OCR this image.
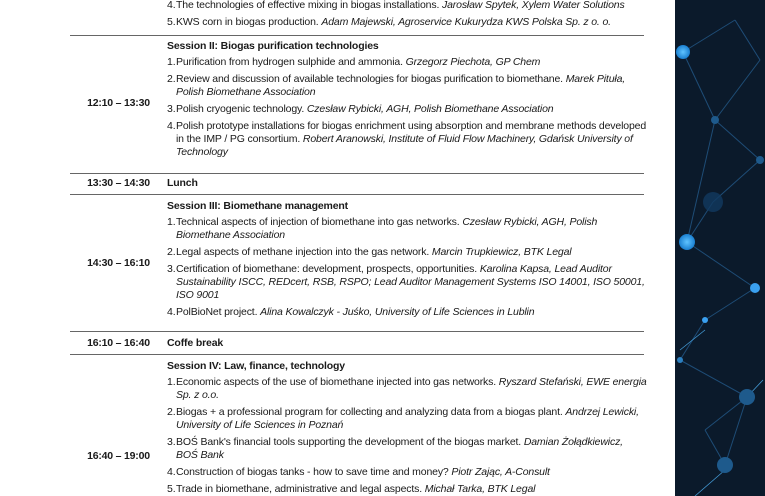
4. The technologies of effective mixing in biogas installations. Jarosław Spytek, Xylem Water Solutions
5. KWS corn in biogas production. Adam Majewski, Agroservice Kukurydza KWS Polska Sp. z o. o.
12:10 – 13:30
Session II: Biogas purification technologies
1. Purification from hydrogen sulphide and ammonia. Grzegorz Piechota, GP Chem
2. Review and discussion of available technologies for biogas purification to biomethane. Marek Pituła, Polish Biomethane Association
3. Polish cryogenic technology. Czesław Rybicki, AGH, Polish Biomethane Association
4. Polish prototype installations for biogas enrichment using absorption and membrane methods developed in the IMP / PG consortium. Robert Aranowski, Institute of Fluid Flow Machinery, Gdańsk University of Technology
13:30 – 14:30	Lunch
14:30 – 16:10
Session III: Biomethane management
1. Technical aspects of injection of biomethane into gas networks. Czesław Rybicki, AGH, Polish Biomethane Association
2. Legal aspects of methane injection into the gas network. Marcin Trupkiewicz, BTK Legal
3. Certification of biomethane: development, prospects, opportunities. Karolina Kapsa, Lead Auditor Sustainability ISCC, REDcert, RSB, RSPO; Lead Auditor Management Systems ISO 14001, ISO 50001, ISO 9001
4. PolBioNet project. Alina Kowalczyk - Juśko, University of Life Sciences in Lublin
16:10 – 16:40	Coffe break
16:40 – 19:00
Session IV: Law, finance, technology
1. Economic aspects of the use of biomethane injected into gas networks. Ryszard Stefański, EWE energia Sp. z o.o.
2. Biogas + a professional program for collecting and analyzing data from a biogas plant. Andrzej Lewicki, University of Life Sciences in Poznań
3. BOŚ Bank's financial tools supporting the development of the biogas market. Damian Żołądkiewicz, BOŚ Bank
4. Construction of biogas tanks - how to save time and money? Piotr Zając, A-Consult
5. Trade in biomethane, administrative and legal aspects. Michał Tarka, BTK Legal
